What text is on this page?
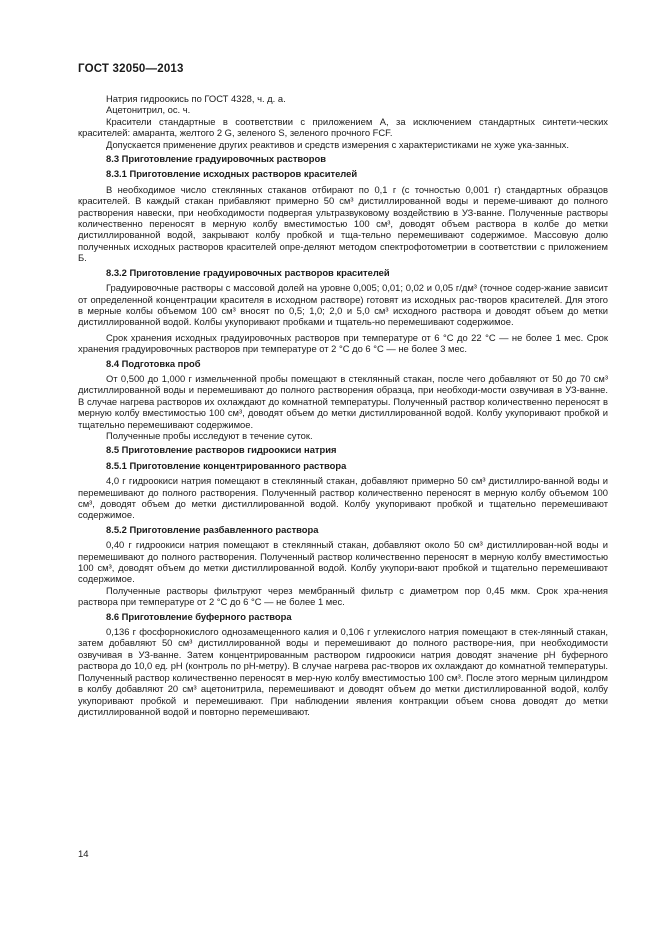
ГОСТ 32050—2013

Натрия гидроокись по ГОСТ 4328, ч. д. а.

Ацетонитрил, ос. ч.

Красители стандартные в соответствии с приложением А, за исключением стандартных синтети-ческих красителей: амаранта, желтого 2 G, зеленого S, зеленого прочного FCF.

Допускается применение других реактивов и средств измерения с характеристиками не хуже ука-занных.

8.3 Приготовление градуировочных растворов

8.3.1 Приготовление исходных растворов красителей

В необходимое число стеклянных стаканов отбирают по 0,1 г (с точностью 0,001 г) стандартных образцов красителей. В каждый стакан прибавляют примерно 50 см³ дистиллированной воды и переме-шивают до полного растворения навески, при необходимости подвергая ультразвуковому воздействию в УЗ-ванне. Полученные растворы количественно переносят в мерную колбу вместимостью 100 см³, доводят объем раствора в колбе до метки дистиллированной водой, закрывают колбу пробкой и тща-тельно перемешивают содержимое. Массовую долю полученных исходных растворов красителей опре-деляют методом спектрофотометрии в соответствии с приложением Б.

8.3.2 Приготовление градуировочных растворов красителей

Градуировочные растворы с массовой долей на уровне 0,005; 0,01; 0,02 и 0,05 г/дм³ (точное содер-жание зависит от определенной концентрации красителя в исходном растворе) готовят из исходных рас-творов красителей. Для этого в мерные колбы объемом 100 см³ вносят по 0,5; 1,0; 2,0 и 5,0 см³ исходного раствора и доводят объем до метки дистиллированной водой. Колбы укупоривают пробками и тщатель-но перемешивают содержимое.

Срок хранения исходных градуировочных растворов при температуре от 6 °С до 22 °С — не более 1 мес. Срок хранения градуировочных растворов при температуре от 2 °С до 6 °С — не более 3 мес.

8.4 Подготовка проб

От 0,500 до 1,000 г измельченной пробы помещают в стеклянный стакан, после чего добавляют от 50 до 70 см³ дистиллированной воды и перемешивают до полного растворения образца, при необходи-мости озвучивая в УЗ-ванне. В случае нагрева растворов их охлаждают до комнатной температуры. Полученный раствор количественно переносят в мерную колбу вместимостью 100 см³, доводят объем до метки дистиллированной водой. Колбу укупоривают пробкой и тщательно перемешивают содержимое.

Полученные пробы исследуют в течение суток.

8.5 Приготовление растворов гидроокиси натрия

8.5.1 Приготовление концентрированного раствора

4,0 г гидроокиси натрия помещают в стеклянный стакан, добавляют примерно 50 см³ дистиллиро-ванной воды и перемешивают до полного растворения. Полученный раствор количественно переносят в мерную колбу объемом 100 см³, доводят объем до метки дистиллированной водой. Колбу укупоривают пробкой и тщательно перемешивают содержимое.

8.5.2 Приготовление разбавленного раствора

0,40 г гидроокиси натрия помещают в стеклянный стакан, добавляют около 50 см³ дистиллирован-ной воды и перемешивают до полного растворения. Полученный раствор количественно переносят в мерную колбу вместимостью 100 см³, доводят объем до метки дистиллированной водой. Колбу укупори-вают пробкой и тщательно перемешивают содержимое.

Полученные растворы фильтруют через мембранный фильтр с диаметром пор 0,45 мкм. Срок хра-нения раствора при температуре от 2 °С до 6 °С — не более 1 мес.

8.6 Приготовление буферного раствора

0,136 г фосфорнокислого однозамещенного калия и 0,106 г углекислого натрия помещают в стек-лянный стакан, затем добавляют 50 см³ дистиллированной воды и перемешивают до полного растворе-ния, при необходимости озвучивая в УЗ-ванне. Затем концентрированным раствором гидроокиси натрия доводят значение рН буферного раствора до 10,0 ед. рН (контроль по рН-метру). В случае нагрева рас-творов их охлаждают до комнатной температуры. Полученный раствор количественно переносят в мер-ную колбу вместимостью 100 см³. После этого мерным цилиндром в колбу добавляют 20 см³ ацетонитрила, перемешивают и доводят объем до метки дистиллированной водой, колбу укупоривают пробкой и перемешивают. При наблюдении явления контракции объем снова доводят до метки дистиллированной водой и повторно перемешивают.

14
